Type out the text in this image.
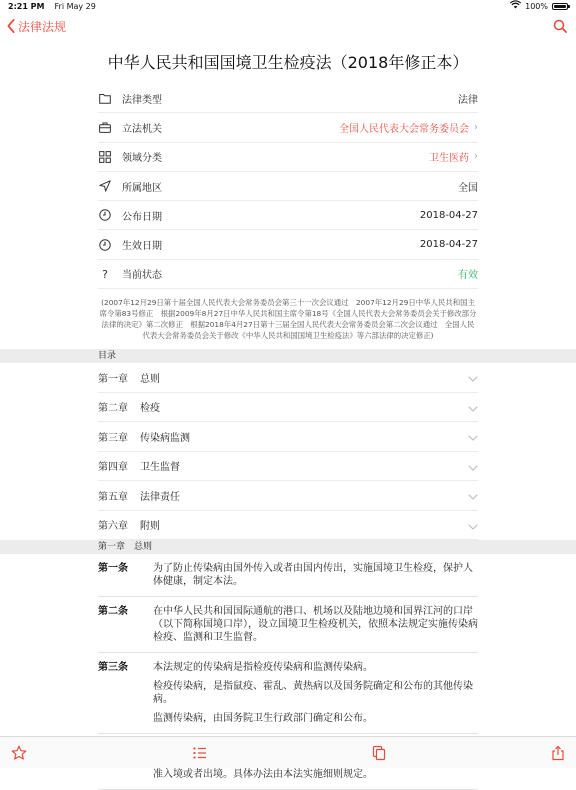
2:21 PM Fri May 29	100%
法律法规
中华人民共和国国境卫生检疫法（2018年修正本）
法律类型	法律
立法机关	全国人民代表大会常务委员会 ›
领域分类	卫生医药 ›
所属地区	全国
公布日期	2018-04-27
生效日期	2018-04-27
? 当前状态	有效
(2007年12月29日第十届全国人民代表大会常务委员会第三十一次会议通过　2007年12月29日中华人民共和国主席令第83号修正　根据2009年8月27日中华人民共和国主席令第18号《全国人民代表大会常务委员会关于修改部分法律的决定》第二次修正　根据2018年4月27日第十三届全国人民代表大会常务委员会第二次会议通过　全国人民代表大会常务委员会关于修改《中华人民共和国国境卫生检疫法》等六部法律的决定修正)
目录
第一章	总则
第二章	检疫
第三章	传染病监测
第四章	卫生监督
第五章	法律责任
第六章	附则
第一章　总则
第一条	为了防止传染病由国外传入或者由国内传出，实施国境卫生检疫，保护人体健康，制定本法。

第二条	在中华人民共和国国际通航的港口、机场以及陆地边境和国界江河的口岸（以下简称国境口岸），设立国境卫生检疫机关，依照本法规定实施传染病检疫、监测和卫生监督。

第三条	本法规定的传染病是指检疫传染病和监测传染病。

检疫传染病，是指鼠疫、霍乱、黄热病以及国务院确定和公布的其他传染病。

监测传染病，由国务院卫生行政部门确定和公布。

准入境或者出境。具体办法由本法实施细则规定。
